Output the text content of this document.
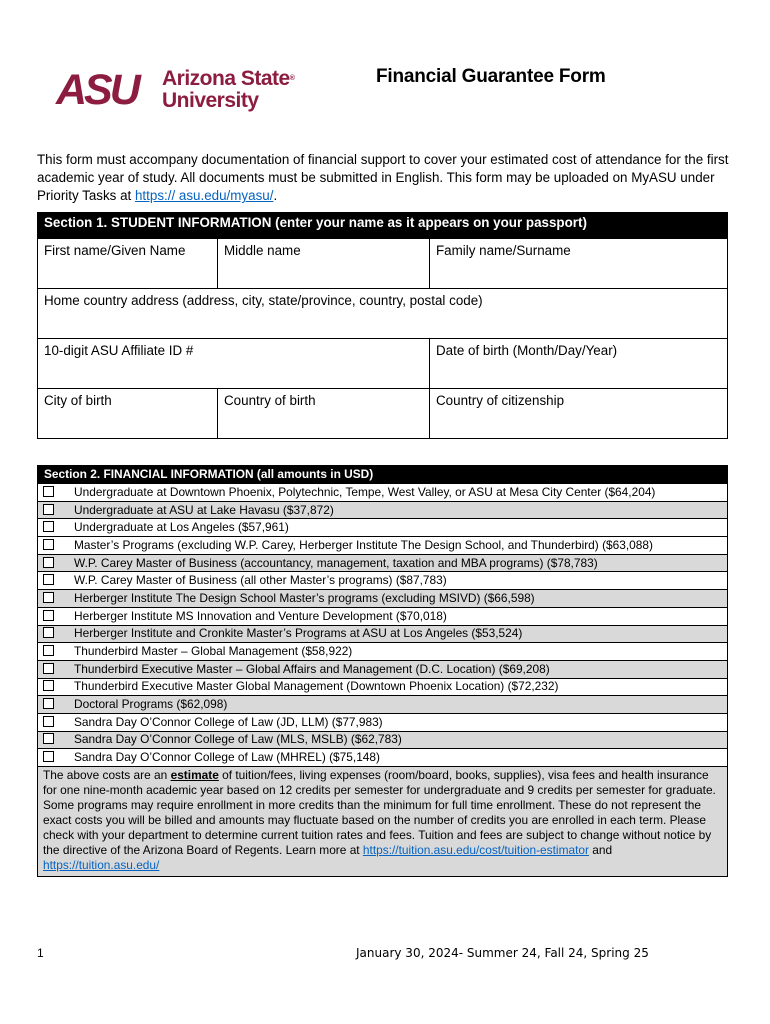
ASU Arizona State®
University
Financial Guarantee Form
This form must accompany documentation of financial support to cover your estimated cost of attendance for the first academic year of study. All documents must be submitted in English. This form may be uploaded on MyASU under Priority Tasks at https:// asu.edu/myasu/.
Section 1. STUDENT INFORMATION (enter your name as it appears on your passport)		
First name/Given Name	Middle name	Family name/Surname
Home country address (address, city, state/province, country, postal code)		
10-digit ASU Affiliate ID #		Date of birth (Month/Day/Year)
City of birth	Country of birth	Country of citizenship
Section 2. FINANCIAL INFORMATION (all amounts in USD)
Undergraduate at Downtown Phoenix, Polytechnic, Tempe, West Valley, or ASU at Mesa City Center ($64,204)
Undergraduate at ASU at Lake Havasu ($37,872)
Undergraduate at Los Angeles ($57,961)
Master’s Programs (excluding W.P. Carey, Herberger Institute The Design School, and Thunderbird) ($63,088)
W.P. Carey Master of Business (accountancy, management, taxation and MBA programs) ($78,783)
W.P. Carey Master of Business (all other Master’s programs) ($87,783)
Herberger Institute The Design School Master’s programs (excluding MSIVD) ($66,598)
Herberger Institute MS Innovation and Venture Development ($70,018)
Herberger Institute and Cronkite Master’s Programs at ASU at Los Angeles ($53,524)
Thunderbird Master – Global Management ($58,922)
Thunderbird Executive Master – Global Affairs and Management (D.C. Location) ($69,208)
Thunderbird Executive Master Global Management (Downtown Phoenix Location) ($72,232)
Doctoral Programs ($62,098)
Sandra Day O’Connor College of Law (JD, LLM) ($77,983)
Sandra Day O’Connor College of Law (MLS, MSLB) ($62,783)
Sandra Day O’Connor College of Law (MHREL) ($75,148)
The above costs are an estimate of tuition/fees, living expenses (room/board, books, supplies), visa fees and health insurance for one nine-month academic year based on 12 credits per semester for undergraduate and 9 credits per semester for graduate. Some programs may require enrollment in more credits than the minimum for full time enrollment. These do not represent the exact costs you will be billed and amounts may fluctuate based on the number of credits you are enrolled in each term. Please check with your department to determine current tuition rates and fees. Tuition and fees are subject to change without notice by the directive of the Arizona Board of Regents. Learn more at https://tuition.asu.edu/cost/tuition-estimator and https://tuition.asu.edu/
1	January 30, 2024- Summer 24, Fall 24, Spring 25
